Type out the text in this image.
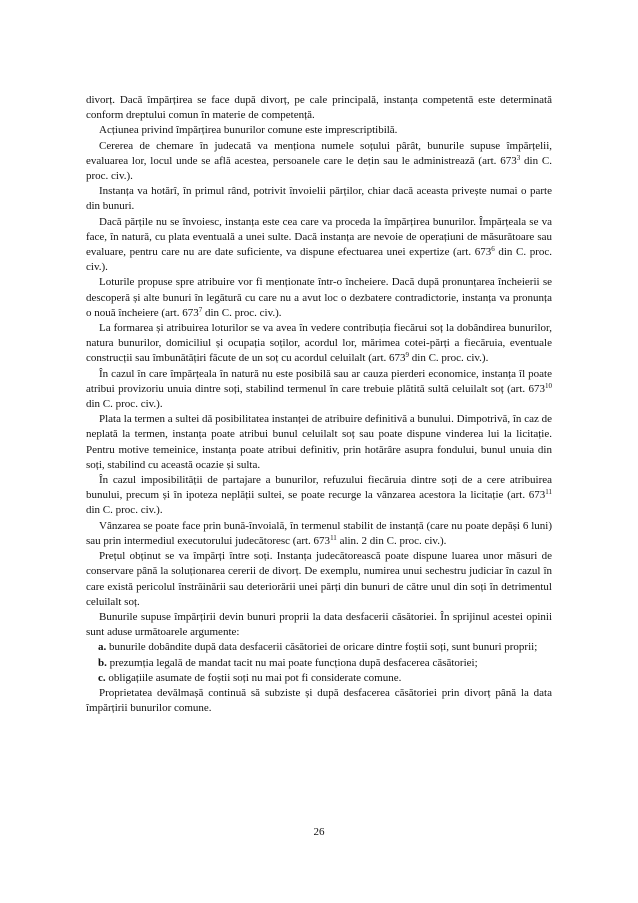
divorț. Dacă împărțirea se face după divorț, pe cale principală, instanța competentă este determinată conform dreptului comun în materie de competență.

Acțiunea privind împărțirea bunurilor comune este imprescriptibilă.

Cererea de chemare în judecată va menționa numele soțului pârât, bunurile supuse împărțelii, evaluarea lor, locul unde se află acestea, persoanele care le dețin sau le administrează (art. $673^3$ din C. proc. civ.).

Instanța va hotărî, în primul rând, potrivit învoielii părților, chiar dacă aceasta privește numai o parte din bunuri.

Dacă părțile nu se învoiesc, instanța este cea care va proceda la împărțirea bunurilor. Împărțeala se va face, în natură, cu plata eventuală a unei sulte. Dacă instanța are nevoie de operațiuni de măsurătoare sau evaluare, pentru care nu are date suficiente, va dispune efectuarea unei expertize (art. $673^6$ din C. proc. civ.).

Loturile propuse spre atribuire vor fi menționate într-o încheiere. Dacă după pronunțarea încheierii se descoperă și alte bunuri în legătură cu care nu a avut loc o dezbatere contradictorie, instanța va pronunța o nouă încheiere (art. $673^7$ din C. proc. civ.).

La formarea și atribuirea loturilor se va avea în vedere contribuția fiecărui soț la dobândirea bunurilor, natura bunurilor, domiciliul și ocupația soților, acordul lor, mărimea cotei-părți a fiecăruia, eventuale construcții sau îmbunătățiri făcute de un soț cu acordul celuilalt (art. $673^9$ din C. proc. civ.).

În cazul în care împărțeala în natură nu este posibilă sau ar cauza pierderi economice, instanța îl poate atribui provizoriu unuia dintre soți, stabilind termenul în care trebuie plătită sultă celuilalt soț (art. $673^{10}$ din C. proc. civ.).

Plata la termen a sultei dă posibilitatea instanței de atribuire definitivă a bunului. Dimpotrivă, în caz de neplată la termen, instanța poate atribui bunul celuilalt soț sau poate dispune vinderea lui la licitație. Pentru motive temeinice, instanța poate atribui definitiv, prin hotărâre asupra fondului, bunul unuia din soți, stabilind cu această ocazie și sulta.

În cazul imposibilității de partajare a bunurilor, refuzului fiecăruia dintre soți de a cere atribuirea bunului, precum și în ipoteza neplății sultei, se poate recurge la vânzarea acestora la licitație (art. $673^{11}$ din C. proc. civ.).

Vânzarea se poate face prin bună-învoială, în termenul stabilit de instanță (care nu poate depăși 6 luni) sau prin intermediul executorului judecătoresc (art. $673^{11}$ alin. 2 din C. proc. civ.).

Prețul obținut se va împărți între soți. Instanța judecătorească poate dispune luarea unor măsuri de conservare până la soluționarea cererii de divorț. De exemplu, numirea unui sechestru judiciar în cazul în care există pericolul înstrăinării sau deteriorării unei părți din bunuri de către unul din soți în detrimentul celuilalt soț.

Bunurile supuse împărțirii devin bunuri proprii la data desfacerii căsătoriei. În sprijinul acestei opinii sunt aduse următoarele argumente:

a. bunurile dobândite după data desfacerii căsătoriei de oricare dintre foștii soți, sunt bunuri proprii;

b. prezumția legală de mandat tacit nu mai poate funcționa după desfacerea căsătoriei;

c. obligațiile asumate de foștii soți nu mai pot fi considerate comune.

Proprietatea devălmașă continuă să subziste și după desfacerea căsătoriei prin divorț până la data împărțirii bunurilor comune.

26
